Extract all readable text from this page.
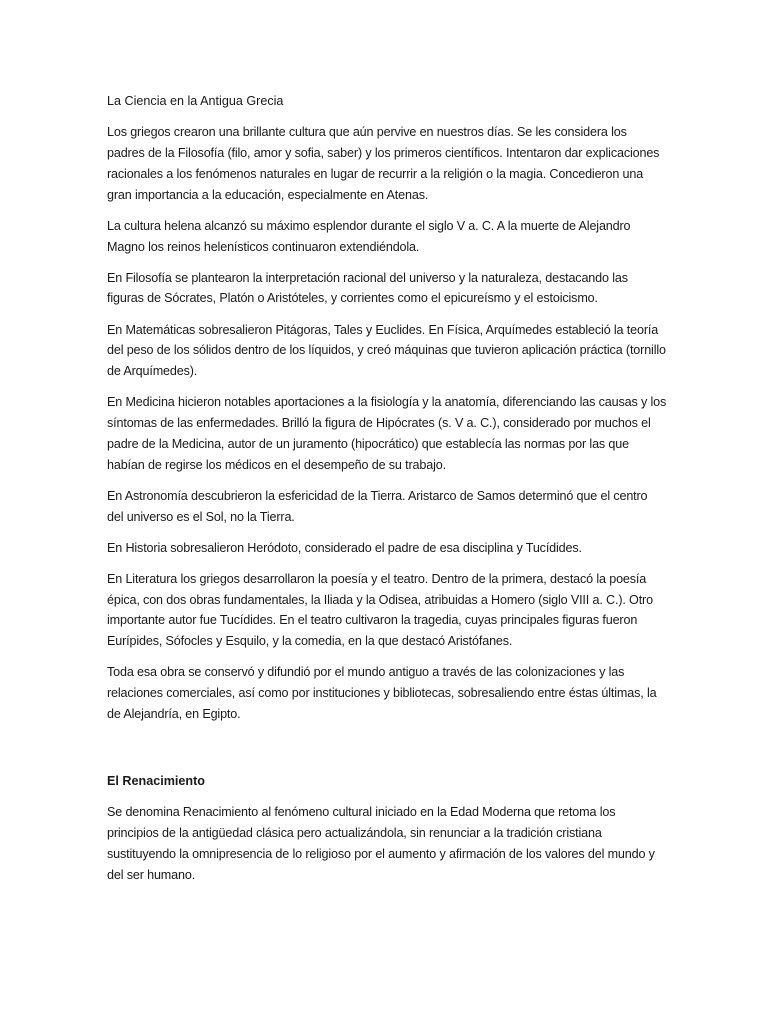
La Ciencia en la Antigua Grecia

Los griegos crearon una brillante cultura que aún pervive en nuestros días. Se les considera los padres de la Filosofía (filo, amor y sofia, saber) y los primeros científicos. Intentaron dar explicaciones racionales a los fenómenos naturales en lugar de recurrir a la religión o la magia. Concedieron una gran importancia a la educación, especialmente en Atenas.

La cultura helena alcanzó su máximo esplendor durante el siglo V a. C. A la muerte de Alejandro Magno los reinos helenísticos continuaron extendiéndola.

En Filosofía se plantearon la interpretación racional del universo y la naturaleza, destacando las figuras de Sócrates, Platón o Aristóteles, y corrientes como el epicureísmo y el estoicismo.

En Matemáticas sobresalieron Pitágoras, Tales y Euclides. En Física, Arquímedes estableció la teoría del peso de los sólidos dentro de los líquidos, y creó máquinas que tuvieron aplicación práctica (tornillo de Arquímedes).

En Medicina hicieron notables aportaciones a la fisiología y la anatomía, diferenciando las causas y los síntomas de las enfermedades. Brilló la figura de Hipócrates (s. V a. C.), considerado por muchos el padre de la Medicina, autor de un juramento (hipocrático) que establecía las normas por las que habían de regirse los médicos en el desempeño de su trabajo.

En Astronomía descubrieron la esfericidad de la Tierra. Aristarco de Samos determinó que el centro del universo es el Sol, no la Tierra.

En Historia sobresalieron Heródoto, considerado el padre de esa disciplina y Tucídides.

En Literatura los griegos desarrollaron la poesía y el teatro. Dentro de la primera, destacó la poesía épica, con dos obras fundamentales, la Iliada y la Odisea, atribuidas a Homero (siglo VIII a. C.). Otro importante autor fue Tucídides. En el teatro cultivaron la tragedia, cuyas principales figuras fueron Eurípides, Sófocles y Esquilo, y la comedia, en la que destacó Aristófanes.

Toda esa obra se conservó y difundió por el mundo antiguo a través de las colonizaciones y las relaciones comerciales, así como por instituciones y bibliotecas, sobresaliendo entre éstas últimas, la de Alejandría, en Egipto.

El Renacimiento

Se denomina Renacimiento al fenómeno cultural iniciado en la Edad Moderna que retoma los principios de la antigüedad clásica pero actualizándola, sin renunciar a la tradición cristiana sustituyendo la omnipresencia de lo religioso por el aumento y afirmación de los valores del mundo y del ser humano.
